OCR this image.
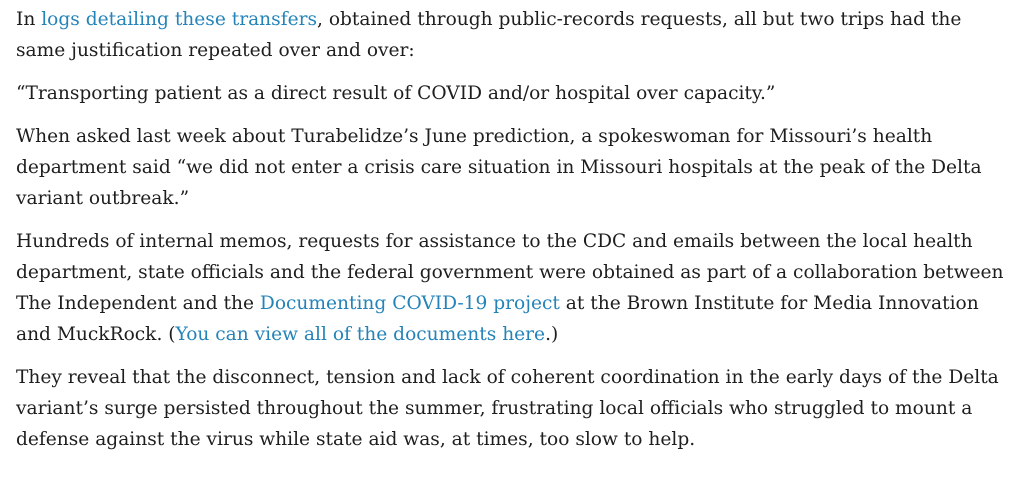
In logs detailing these transfers, obtained through public-records requests, all but two trips had the same justification repeated over and over:

“Transporting patient as a direct result of COVID and/or hospital over capacity.”

When asked last week about Turabelidze’s June prediction, a spokeswoman for Missouri’s health department said “we did not enter a crisis care situation in Missouri hospitals at the peak of the Delta variant outbreak.”

Hundreds of internal memos, requests for assistance to the CDC and emails between the local health department, state officials and the federal government were obtained as part of a collaboration between The Independent and the Documenting COVID-19 project at the Brown Institute for Media Innovation and MuckRock. (You can view all of the documents here.)

They reveal that the disconnect, tension and lack of coherent coordination in the early days of the Delta variant’s surge persisted throughout the summer, frustrating local officials who struggled to mount a defense against the virus while state aid was, at times, too slow to help.
